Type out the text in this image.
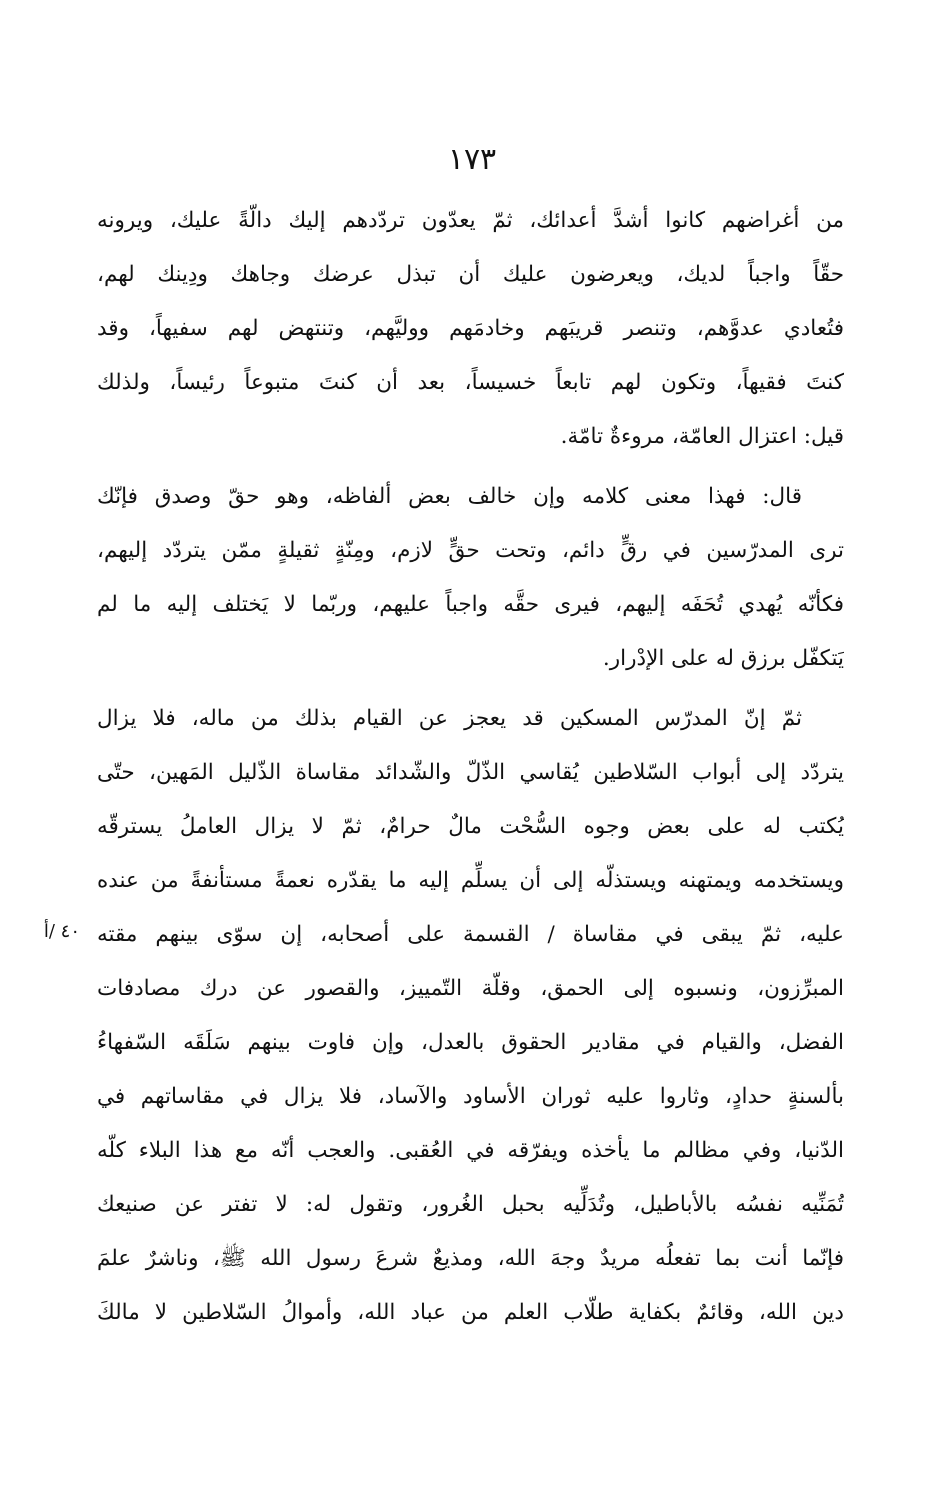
١٧٣
٤٠ /أ
من أغراضهم كانوا أشدَّ أعدائك، ثمّ يعدّون تردّدهم إليك دالّةً عليك، ويرونه
حقّاً واجباً لديك، ويعرضون عليك أن تبذل عرضك وجاهك ودِينك لهم،
فتُعادي عدوَّهم، وتنصر قريبَهم وخادمَهم ووليَّهم، وتنتهض لهم سفيهاً، وقد
كنتَ فقيهاً، وتكون لهم تابعاً خسيساً، بعد أن كنتَ متبوعاً رئيساً، ولذلك
قيل: اعتزال العامّة، مروءةٌ تامّة.
قال: فهذا معنى كلامه وإن خالف بعض ألفاظه، وهو حقّ وصدق فإنّك
ترى المدرّسين في رقٍّ دائم، وتحت حقٍّ لازم، ومِنّةٍ ثقيلةٍ ممّن يتردّد إليهم،
فكأنّه يُهدي تُحَفَه إليهم، فيرى حقَّه واجباً عليهم، وربّما لا يَختلف إليه ما لم
يَتكفّل برزق له على الإدْرار.
ثمّ إنّ المدرّس المسكين قد يعجز عن القيام بذلك من ماله، فلا يزال
يتردّد إلى أبواب السّلاطين يُقاسي الذّلّ والشّدائد مقاساة الذّليل المَهين، حتّى
يُكتب له على بعض وجوه السُّحْت مالٌ حرامٌ، ثمّ لا يزال العاملُ يسترقّه
ويستخدمه ويمتهنه ويستذلّه إلى أن يسلِّم إليه ما يقدّره نعمةً مستأنفةً من عنده
عليه، ثمّ يبقى في مقاساة / القسمة على أصحابه، إن سوّى بينهم مقته
المبرِّزون، ونسبوه إلى الحمق، وقلّة التّمييز، والقصور عن درك مصادفات
الفضل، والقيام في مقادير الحقوق بالعدل، وإن فاوت بينهم سَلَقَه السّفهاءُ
بألسنةٍ حدادٍ، وثاروا عليه ثوران الأساود والآساد، فلا يزال في مقاساتهم في
الدّنيا، وفي مظالم ما يأخذه ويفرّقه في العُقبى. والعجب أنّه مع هذا البلاء كلّه
تُمَنِّيه نفسُه بالأباطيل، وتُدَلِّيه بحبل الغُرور، وتقول له: لا تفتر عن صنيعك
فإنّما أنت بما تفعلُه مريدٌ وجهَ الله، ومذيعٌ شرعَ رسول الله ﷺ، وناشرٌ علمَ
دين الله، وقائمٌ بكفاية طلّاب العلم من عباد الله، وأموالُ السّلاطين لا مالكَ
